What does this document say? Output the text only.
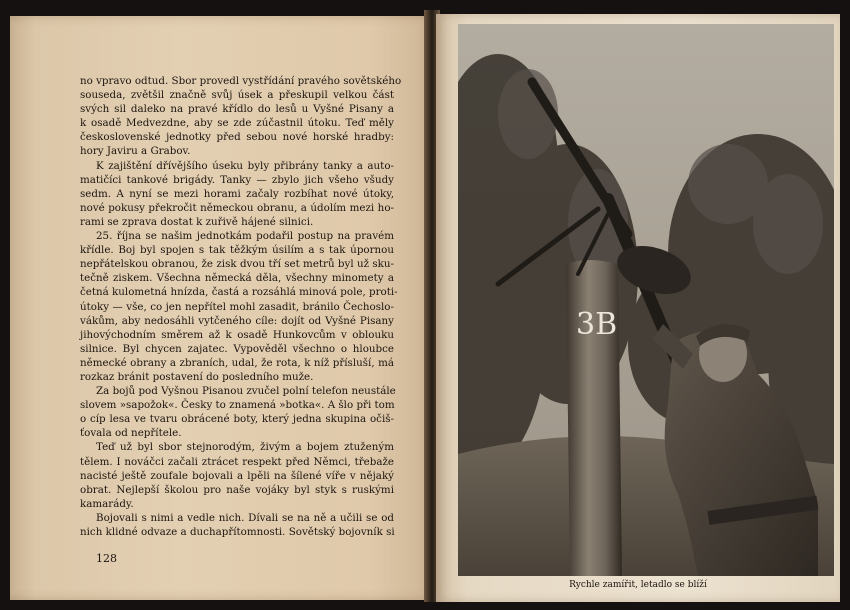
no vpravo odtud. Sbor provedl vystřídání pravého sovětského
souseda, zvětšil značně svůj úsek a přeskupil velkou část
svých sil daleko na pravé křídlo do lesů u Vyšné Pisany a
k osadě Medvezdne, aby se zde zúčastnil útoku. Teď měly
československé jednotky před sebou nové horské hradby:
hory Javiru a Grabov.
K zajištění dřívějšího úseku byly přibrány tanky a auto-
matičíci tankové brigády. Tanky — zbylo jich všeho všudy
sedm. A nyní se mezi horami začaly rozbíhat nové útoky,
nové pokusy překročit německou obranu, a údolím mezi ho-
rami se zprava dostat k zuřivě hájené silnici.
25. října se našim jednotkám podařil postup na pravém
křídle. Boj byl spojen s tak těžkým úsilím a s tak úpornou
nepřátelskou obranou, že zisk dvou tří set metrů byl už sku-
tečně ziskem. Všechna německá děla, všechny minomety a
četná kulometná hnízda, častá a rozsáhlá minová pole, proti-
útoky — vše, co jen nepřítel mohl zasadit, bránilo Čechoslo-
vákům, aby nedosáhli vytčeného cíle: dojít od Vyšné Pisany
jihovýchodním směrem až k osadě Hunkovcům v oblouku
silnice. Byl chycen zajatec. Vypověděl všechno o hloubce
německé obrany a zbraních, udal, že rota, k níž přísluší, má
rozkaz bránit postavení do posledního muže.
Za bojů pod Vyšnou Pisanou zvučel polní telefon neustále
slovem »sapožok«. Česky to znamená »botka«. A šlo při tom
o cíp lesa ve tvaru obrácené boty, který jedna skupina očiš-
ťovala od nepřítele.
Teď už byl sbor stejnorodým, živým a bojem ztuženým
tělem. I nováčci začali ztrácet respekt před Němci, třebaže
nacisté ještě zoufale bojovali a lpěli na šílené víře v nějaký
obrat. Nejlepší školou pro naše vojáky byl styk s ruskými
kamarády.
Bojovali s nimi a vedle nich. Dívali se na ně a učili se od
nich klidné odvaze a duchapřítomnosti. Sovětský bojovník si
128
3B
Rychle zamířit, letadlo se blíží
